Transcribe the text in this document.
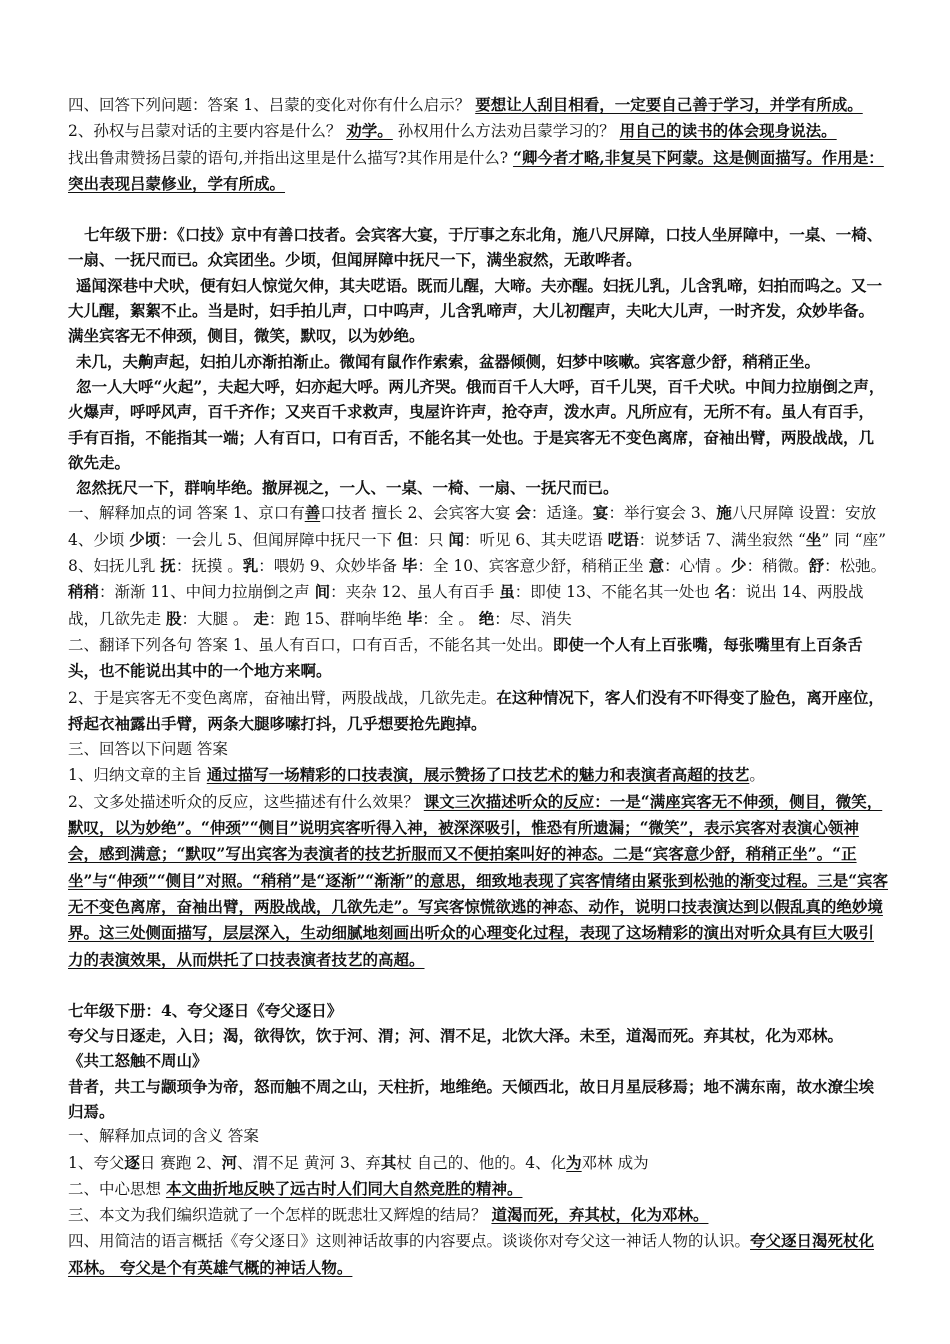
四、回答下列问题：答案 1、吕蒙的变化对你有什么启示？ 要想让人刮目相看，一定要自己善于学习，并学有所成。

2、孙权与吕蒙对话的主要内容是什么？ 劝学。 孙权用什么方法劝吕蒙学习的？ 用自己的读书的体会现身说法。

找出鲁肃赞扬吕蒙的语句,并指出这里是什么描写?其作用是什么? “卿今者才略,非复吴下阿蒙。这是侧面描写。作用是：突出表现吕蒙修业，学有所成。

七年级下册：《口技》京中有善口技者。会宾客大宴，于厅事之东北角，施八尺屏障，口技人坐屏障中，一桌、一椅、一扇、一抚尺而已。众宾团坐。少顷，但闻屏障中抚尺一下，满坐寂然，无敢哗者。

遥闻深巷中犬吠，便有妇人惊觉欠伸，其夫呓语。既而儿醒，大啼。夫亦醒。妇抚儿乳，儿含乳啼，妇拍而呜之。又一大儿醒，絮絮不止。当是时，妇手拍儿声，口中呜声，儿含乳啼声，大儿初醒声，夫叱大儿声，一时齐发，众妙毕备。满坐宾客无不伸颈，侧目，微笑，默叹，以为妙绝。

未几，夫齁声起，妇拍儿亦渐拍渐止。微闻有鼠作作索索，盆器倾侧，妇梦中咳嗽。宾客意少舒，稍稍正坐。

忽一人大呼“火起”，夫起大呼，妇亦起大呼。两儿齐哭。俄而百千人大呼，百千儿哭，百千犬吠。中间力拉崩倒之声，火爆声，呼呼风声，百千齐作；又夹百千求救声，曳屋许许声，抢夺声，泼水声。凡所应有，无所不有。虽人有百手，手有百指，不能指其一端；人有百口，口有百舌，不能名其一处也。于是宾客无不变色离席，奋袖出臂，两股战战，几欲先走。

忽然抚尺一下，群响毕绝。撤屏视之，一人、一桌、一椅、一扇、一抚尺而已。

一、解释加点的词 答案 1、京口有善口技者 擅长 2、会宾客大宴 会：适逢。宴：举行宴会 3、施八尺屏障 设置：安放 4、少顷 少顷：一会儿 5、但闻屏障中抚尺一下 但：只 闻：听见 6、其夫呓语 呓语：说梦话 7、满坐寂然 “坐” 同 “座” 8、妇抚儿乳 抚：抚摸 。乳：喂奶 9、众妙毕备 毕：全 10、宾客意少舒，稍稍正坐 意：心情 。少：稍微。舒：松弛。稍稍：渐渐 11、中间力拉崩倒之声 间：夹杂 12、虽人有百手 虽：即使 13、不能名其一处也 名：说出 14、两股战战，几欲先走 股：大腿 。 走：跑 15、群响毕绝 毕：全 。 绝：尽、消失

二、翻译下列各句 答案 1、虽人有百口，口有百舌，不能名其一处出。即使一个人有上百张嘴，每张嘴里有上百条舌头，也不能说出其中的一个地方来啊。

2、于是宾客无不变色离席，奋袖出臂，两股战战，几欲先走。在这种情况下，客人们没有不吓得变了脸色，离开座位，捋起衣袖露出手臂，两条大腿哆嗦打抖，几乎想要抢先跑掉。

三、回答以下问题 答案

1、归纳文章的主旨 通过描写一场精彩的口技表演，展示赞扬了口技艺术的魅力和表演者高超的技艺。

2、文多处描述听众的反应，这些描述有什么效果？ 课文三次描述听众的反应：一是“满座宾客无不伸颈，侧目，微笑，默叹，以为妙绝”。“伸颈”“侧目”说明宾客听得入神，被深深吸引，惟恐有所遗漏；“微笑”，表示宾客对表演心领神会，感到满意；“默叹”写出宾客为表演者的技艺折服而又不便拍案叫好的神态。二是“宾客意少舒，稍稍正坐”。“正坐”与“伸颈”“侧目”对照。“稍稍”是“逐渐”“渐渐”的意思，细致地表现了宾客情绪由紧张到松弛的渐变过程。三是“宾客无不变色离席，奋袖出臂，两股战战，几欲先走”。写宾客惊慌欲逃的神态、动作，说明口技表演达到以假乱真的绝妙境界。这三处侧面描写，层层深入，生动细腻地刻画出听众的心理变化过程，表现了这场精彩的演出对听众具有巨大吸引力的表演效果，从而烘托了口技表演者技艺的高超。

七年级下册：4、夸父逐日《夸父逐日》

夸父与日逐走，入日；渴，欲得饮，饮于河、渭；河、渭不足，北饮大泽。未至，道渴而死。弃其杖，化为邓林。

《共工怒触不周山》

昔者，共工与颛顼争为帝，怒而触不周之山，天柱折，地维绝。天倾西北，故日月星辰移焉；地不满东南，故水潦尘埃归焉。

一、解释加点词的含义 答案

1、夸父逐日 赛跑 2、河、渭不足 黄河 3、弃其杖 自己的、他的。4、化为邓林 成为

二、中心思想 本文曲折地反映了远古时人们同大自然竞胜的精神。

三、本文为我们编织造就了一个怎样的既悲壮又辉煌的结局？ 道渴而死，弃其杖，化为邓林。

四、用简洁的语言概括《夸父逐日》这则神话故事的内容要点。谈谈你对夸父这一神话人物的认识。夸父逐日渴死杖化邓林。 夸父是个有英雄气概的神话人物。
